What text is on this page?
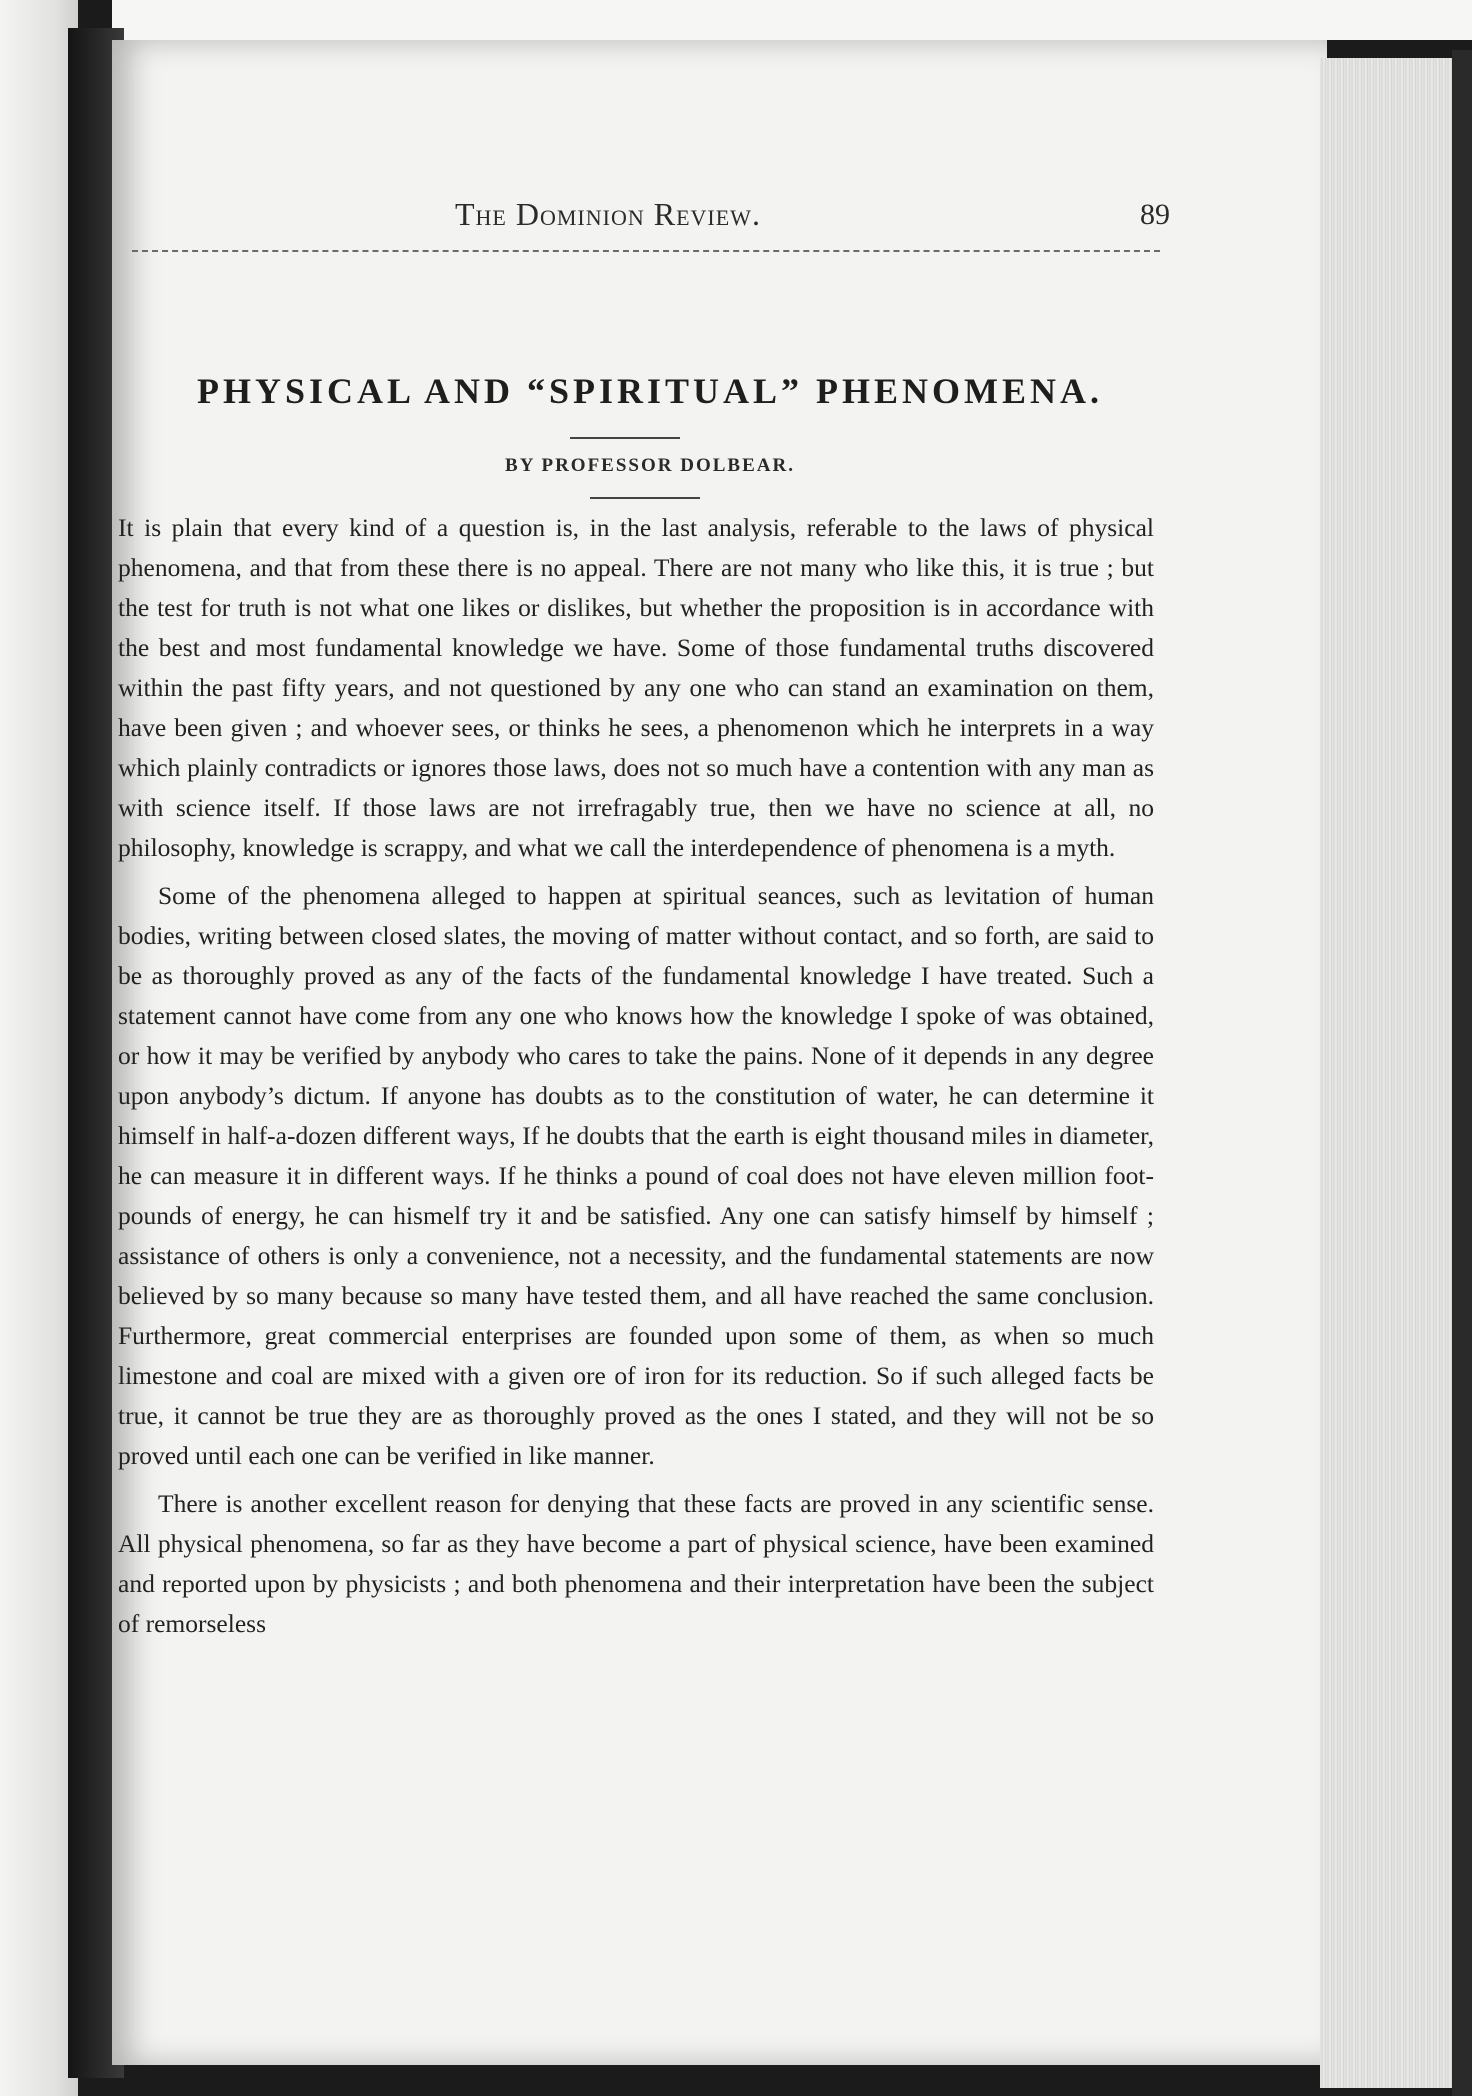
The Dominion Review.	89
PHYSICAL AND “SPIRITUAL” PHENOMENA.
BY PROFESSOR DOLBEAR.

It is plain that every kind of a question is, in the last analysis, referable to the laws of physical phenomena, and that from these there is no appeal. There are not many who like this, it is true ; but the test for truth is not what one likes or dislikes, but whether the proposition is in accordance with the best and most fundamental knowledge we have. Some of those fundamental truths discovered within the past fifty years, and not questioned by any one who can stand an examination on them, have been given ; and whoever sees, or thinks he sees, a phenomenon which he interprets in a way which plainly contradicts or ignores those laws, does not so much have a contention with any man as with science itself. If those laws are not irrefragably true, then we have no science at all, no philosophy, knowledge is scrappy, and what we call the interdependence of phenomena is a myth.

Some of the phenomena alleged to happen at spiritual seances, such as levitation of human bodies, writing between closed slates, the moving of matter without contact, and so forth, are said to be as thoroughly proved as any of the facts of the fundamental knowledge I have treated. Such a statement cannot have come from any one who knows how the knowledge I spoke of was obtained, or how it may be verified by anybody who cares to take the pains. None of it depends in any degree upon anybody’s dictum. If anyone has doubts as to the constitution of water, he can determine it himself in half-a-dozen different ways, If he doubts that the earth is eight thousand miles in diameter, he can measure it in different ways. If he thinks a pound of coal does not have eleven million foot-pounds of energy, he can hismelf try it and be satisfied. Any one can satisfy himself by himself ; assistance of others is only a convenience, not a necessity, and the fundamental statements are now believed by so many because so many have tested them, and all have reached the same conclusion. Furthermore, great commercial enterprises are founded upon some of them, as when so much limestone and coal are mixed with a given ore of iron for its reduction. So if such alleged facts be true, it cannot be true they are as thoroughly proved as the ones I stated, and they will not be so proved until each one can be verified in like manner.

There is another excellent reason for denying that these facts are proved in any scientific sense. All physical phenomena, so far as they have become a part of physical science, have been examined and reported upon by physicists ; and both phenomena and their interpretation have been the subject of remorseless
